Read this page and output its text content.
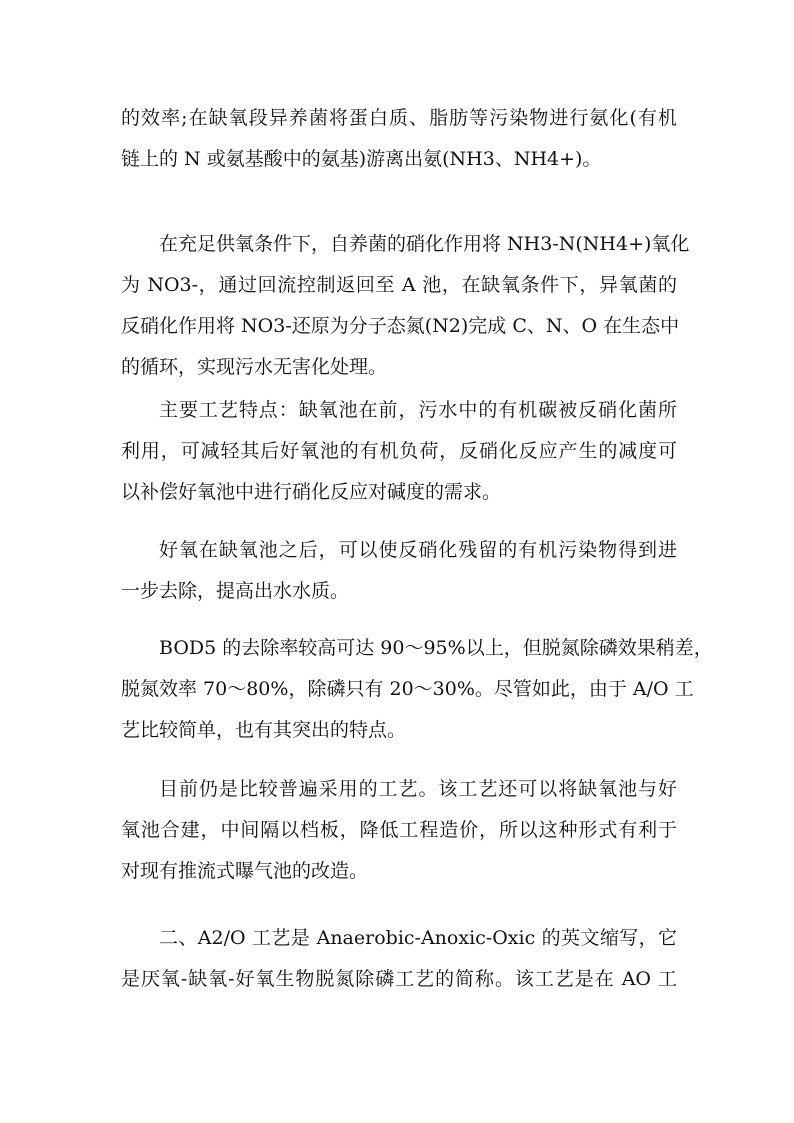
的效率;在缺氧段异养菌将蛋白质、脂肪等污染物进行氨化(有机
链上的 N 或氨基酸中的氨基)游离出氨(NH3、NH4+)。
在充足供氧条件下，自养菌的硝化作用将 NH3-N(NH4+)氧化
为 NO3-，通过回流控制返回至 A 池，在缺氧条件下，异氧菌的
反硝化作用将 NO3-还原为分子态氮(N2)完成 C、N、O 在生态中
的循环，实现污水无害化处理。
主要工艺特点：缺氧池在前，污水中的有机碳被反硝化菌所
利用，可减轻其后好氧池的有机负荷，反硝化反应产生的减度可
以补偿好氧池中进行硝化反应对碱度的需求。
好氧在缺氧池之后，可以使反硝化残留的有机污染物得到进
一步去除，提高出水水质。
BOD5 的去除率较高可达 90～95%以上，但脱氮除磷效果稍差，
脱氮效率 70～80%，除磷只有 20～30%。尽管如此，由于 A/O 工
艺比较简单，也有其突出的特点。
目前仍是比较普遍采用的工艺。该工艺还可以将缺氧池与好
氧池合建，中间隔以档板，降低工程造价，所以这种形式有利于
对现有推流式曝气池的改造。
二、A2/O 工艺是 Anaerobic-Anoxic-Oxic 的英文缩写，它
是厌氧-缺氧-好氧生物脱氮除磷工艺的简称。该工艺是在 AO 工
